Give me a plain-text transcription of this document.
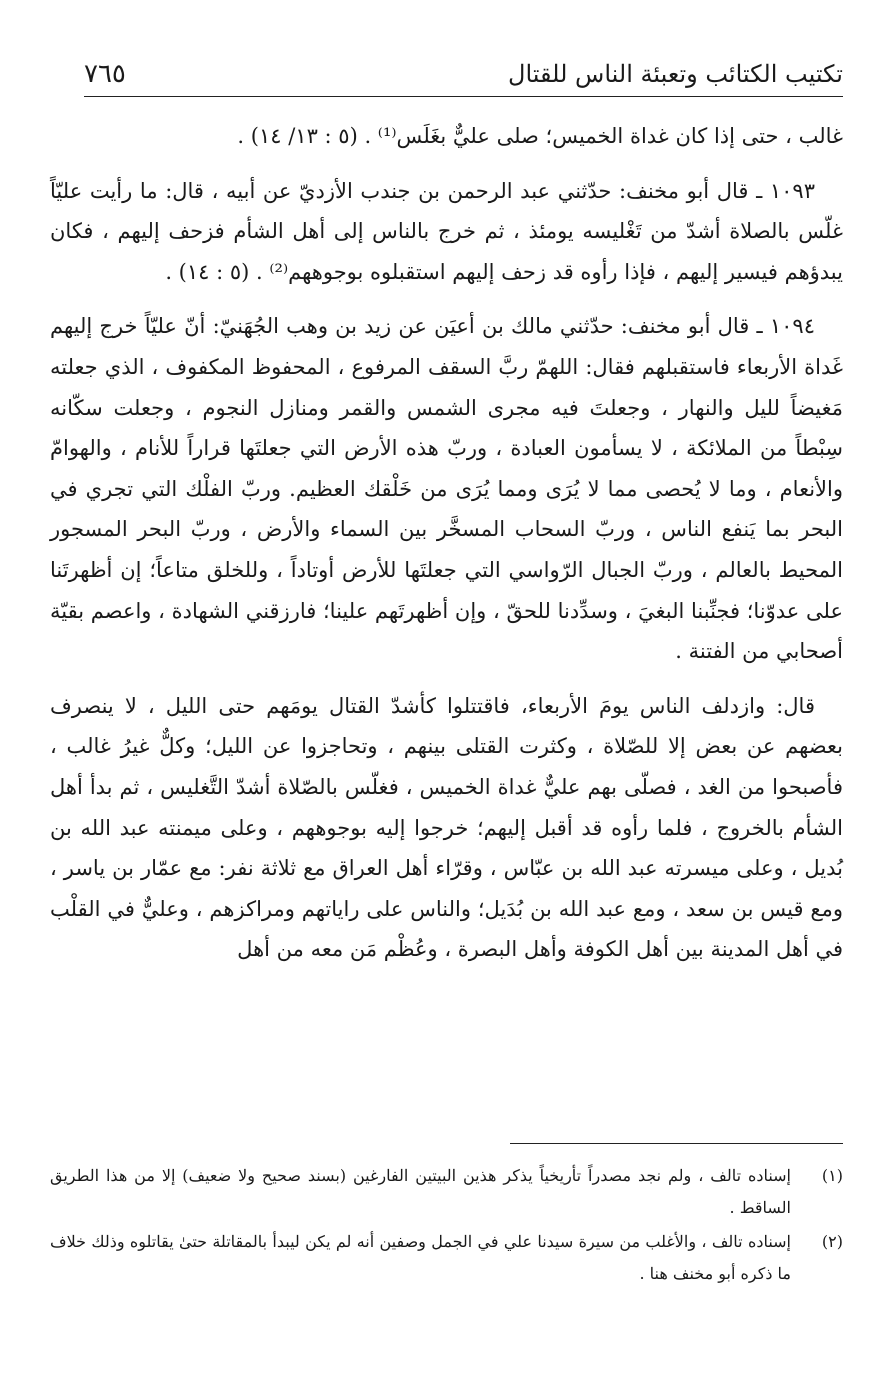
تكتيب الكتائب وتعبئة الناس للقتال
٧٦٥

غالب ، حتى إذا كان غداة الخميس؛ صلى عليٌّ بغَلَس⁽¹⁾ . (٥ : ١٣/ ١٤) .

١٠٩٣ ـ قال أبو مخنف: حدّثني عبد الرحمن بن جندب الأزديّ عن أبيه ، قال: ما رأيت عليّاً غلّس بالصلاة أشدّ من تَغْليسه يومئذ ، ثم خرج بالناس إلى أهل الشأم فزحف إليهم ، فكان يبدؤهم فيسير إليهم ، فإذا رأوه قد زحف إليهم استقبلوه بوجوههم⁽²⁾ . (٥ : ١٤) .

١٠٩٤ ـ قال أبو مخنف: حدّثني مالك بن أعيَن عن زيد بن وهب الجُهَنيّ: أنّ عليّاً خرج إليهم غَداة الأربعاء فاستقبلهم فقال: اللهمّ ربَّ السقف المرفوع ، المحفوظ المكفوف ، الذي جعلته مَغيضاً لليل والنهار ، وجعلتَ فيه مجرى الشمس والقمر ومنازل النجوم ، وجعلت سكّانه سِبْطاً من الملائكة ، لا يسأمون العبادة ، وربّ هذه الأرض التي جعلتَها قراراً للأنام ، والهوامّ والأنعام ، وما لا يُحصى مما لا يُرَى ومما يُرَى من خَلْقك العظيم. وربّ الفلْك التي تجري في البحر بما يَنفع الناس ، وربّ السحاب المسخَّر بين السماء والأرض ، وربّ البحر المسجور المحيط بالعالم ، وربّ الجبال الرّواسي التي جعلتَها للأرض أوتاداً ، وللخلق متاعاً؛ إن أظهرتَنا على عدوّنا؛ فجنِّبنا البغيَ ، وسدِّدنا للحقّ ، وإن أظهرتَهم علينا؛ فارزقني الشهادة ، واعصم بقيّة أصحابي من الفتنة .

قال: وازدلف الناس يومَ الأربعاء، فاقتتلوا كأشدّ القتال يومَهم حتى الليل ، لا ينصرف بعضهم عن بعض إلا للصّلاة ، وكثرت القتلى بينهم ، وتحاجزوا عن الليل؛ وكلٌّ غيرُ غالب ، فأصبحوا من الغد ، فصلّى بهم عليٌّ غداة الخميس ، فغلّس بالصّلاة أشدّ التَّغليس ، ثم بدأ أهل الشأم بالخروج ، فلما رأوه قد أقبل إليهم؛ خرجوا إليه بوجوههم ، وعلى ميمنته عبد الله بن بُديل ، وعلى ميسرته عبد الله بن عبّاس ، وقرّاء أهل العراق مع ثلاثة نفر: مع عمّار بن ياسر ، ومع قيس بن سعد ، ومع عبد الله بن بُدَيل؛ والناس على راياتهم ومراكزهم ، وعليٌّ في القلْب في أهل المدينة بين أهل الكوفة وأهل البصرة ، وعُظْم مَن معه من أهل

(١)
إسناده تالف ، ولم نجد مصدراً تأريخياً يذكر هذين البيتين الفارغين (بسند صحيح ولا ضعيف) إلا من هذا الطريق الساقط .

(٢)
إسناده تالف ، والأغلب من سيرة سيدنا علي في الجمل وصفين أنه لم يكن ليبدأ بالمقاتلة حتىٰ يقاتلوه وذلك خلاف ما ذكره أبو مخنف هنا .
